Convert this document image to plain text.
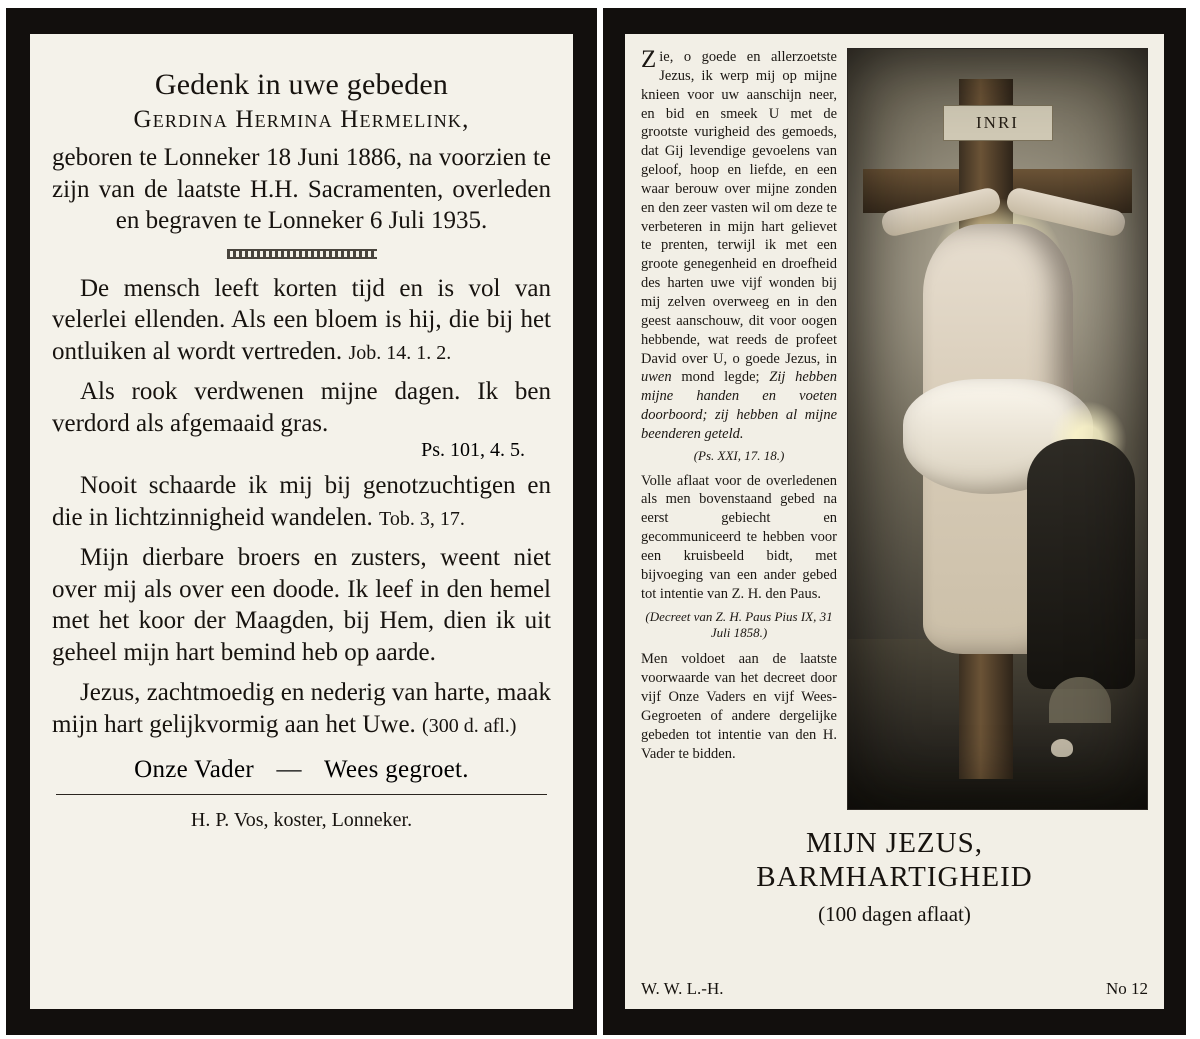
Gedenk in uwe gebeden
Gerdina Hermina Hermelink,
geboren te Lonneker 18 Juni 1886, na voorzien te zijn van de laatste H.H. Sacramenten, overleden en begraven te Lonneker 6 Juli 1935.
De mensch leeft korten tijd en is vol van velerlei ellenden. Als een bloem is hij, die bij het ontluiken al wordt vertreden. Job. 14. 1. 2.
Als rook verdwenen mijne dagen. Ik ben verdord als afgemaaid gras.
Ps. 101, 4. 5.
Nooit schaarde ik mij bij genotzuchtigen en die in lichtzinnigheid wandelen. Tob. 3, 17.
Mijn dierbare broers en zusters, weent niet over mij als over een doode. Ik leef in den hemel met het koor der Maagden, bij Hem, dien ik uit geheel mijn hart bemind heb op aarde.
Jezus, zachtmoedig en nederig van harte, maak mijn hart gelijkvormig aan het Uwe. (300 d. afl.)
Onze Vader — Wees gegroet.
H. P. Vos, koster, Lonneker.

Zie, o goede en allerzoetste Jezus, ik werp mij op mijne knieen voor uw aanschijn neer, en bid en smeek U met de grootste vurigheid des gemoeds, dat Gij levendige gevoelens van geloof, hoop en liefde, en een waar berouw over mijne zonden en den zeer vasten wil om deze te verbeteren in mijn hart gelievet te prenten, terwijl ik met een groote genegenheid en droefheid des harten uwe vijf wonden bij mij zelven overweeg en in den geest aanschouw, dit voor oogen hebbende, wat reeds de profeet David over U, o goede Jezus, in uwen mond legde; Zij hebben mijne handen en voeten doorboord; zij hebben al mijne beenderen geteld.

(Ps. XXI, 17. 18.)

Volle aflaat voor de overledenen als men bovenstaand gebed na eerst gebiecht en gecommuniceerd te hebben voor een kruisbeeld bidt, met bijvoeging van een ander gebed tot intentie van Z. H. den Paus.

(Decreet van Z. H. Paus Pius IX, 31 Juli 1858.)

Men voldoet aan de laatste voorwaarde van het decreet door vijf Onze Vaders en vijf Wees-Gegroeten of andere dergelijke gebeden tot intentie van den H. Vader te bidden.

INRI
MIJN JEZUS,
BARMHARTIGHEID
(100 dagen aflaat)
W. W. L.-H.	No 12
